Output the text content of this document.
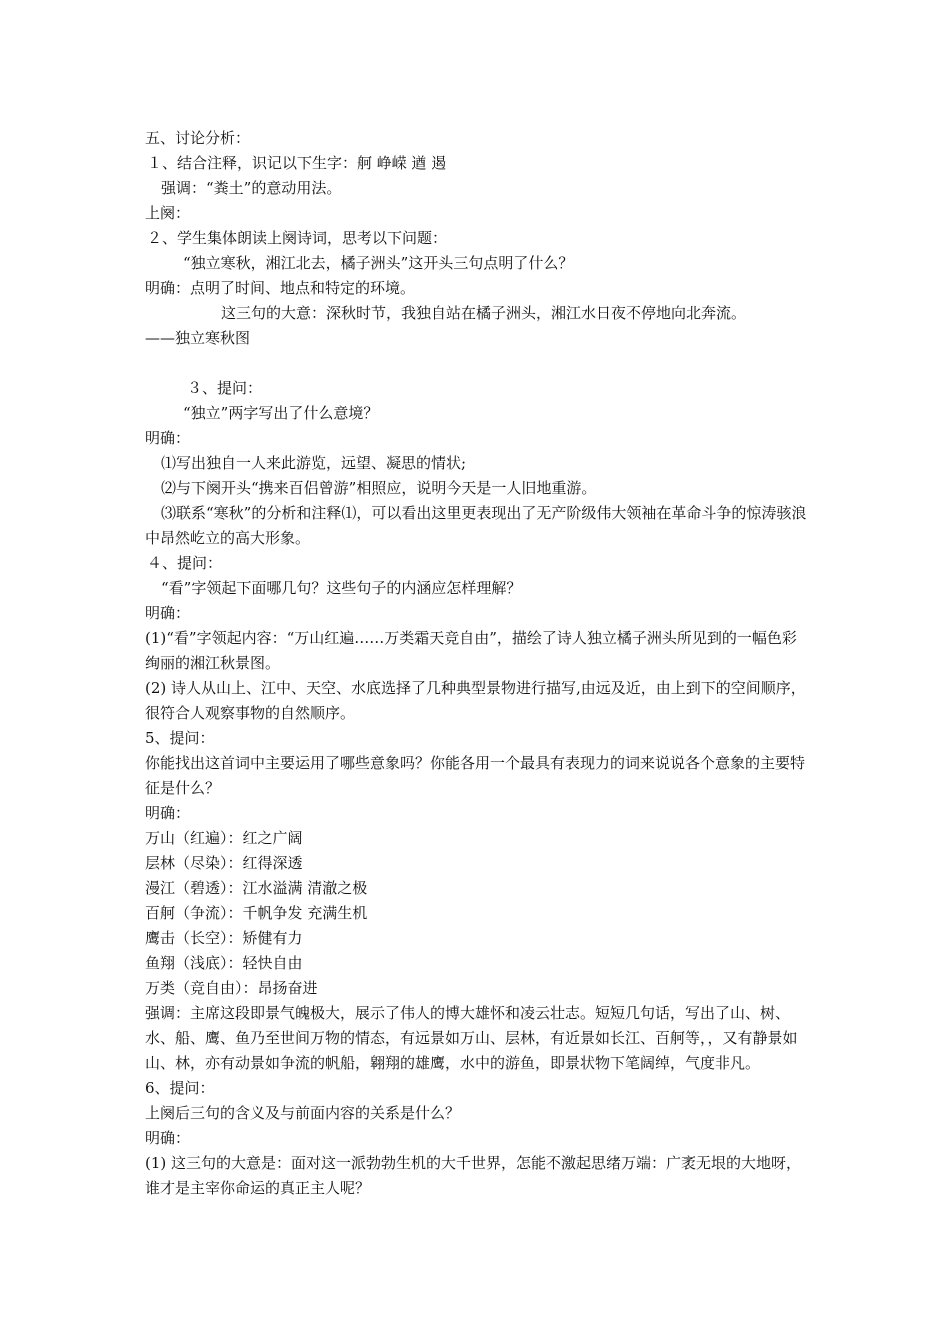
五、讨论分析：
１、结合注释，识记以下生字：舸 峥嵘 遒 遏
强调：“粪土”的意动用法。
上阕：
２、学生集体朗读上阕诗词，思考以下问题：
“独立寒秋，湘江北去，橘子洲头”这开头三句点明了什么？
明确：点明了时间、地点和特定的环境。
这三句的大意：深秋时节，我独自站在橘子洲头，湘江水日夜不停地向北奔流。
——独立寒秋图
３、提问：
“独立”两字写出了什么意境？
明确：
⑴写出独自一人来此游览，远望、凝思的情状;
⑵与下阕开头“携来百侣曾游”相照应，说明今天是一人旧地重游。
⑶联系“寒秋”的分析和注释⑴，可以看出这里更表现出了无产阶级伟大领袖在革命斗争的惊涛骇浪中昂然屹立的高大形象。
４、提问：
“看”字领起下面哪几句？这些句子的内涵应怎样理解？
明确：
(1)“看”字领起内容：“万山红遍……万类霜天竞自由”，描绘了诗人独立橘子洲头所见到的一幅色彩绚丽的湘江秋景图。
(2) 诗人从山上、江中、天空、水底选择了几种典型景物进行描写,由远及近，由上到下的空间顺序，很符合人观察事物的自然顺序。
5、提问：
你能找出这首词中主要运用了哪些意象吗？你能各用一个最具有表现力的词来说说各个意象的主要特征是什么？
明确：
万山（红遍）：红之广阔
层林（尽染）：红得深透
漫江（碧透）：江水溢满 清澈之极
百舸（争流）：千帆争发 充满生机
鹰击（长空）：矫健有力
鱼翔（浅底）：轻快自由
万类（竞自由）：昂扬奋进
强调：主席这段即景气魄极大，展示了伟人的博大雄怀和凌云壮志。短短几句话，写出了山、树、水、船、鹰、鱼乃至世间万物的情态，有远景如万山、层林，有近景如长江、百舸等，，又有静景如山、林，亦有动景如争流的帆船，翱翔的雄鹰，水中的游鱼，即景状物下笔阔绰，气度非凡。
6、提问：
上阕后三句的含义及与前面内容的关系是什么？
明确：
(1) 这三句的大意是：面对这一派勃勃生机的大千世界，怎能不激起思绪万端：广袤无垠的大地呀，谁才是主宰你命运的真正主人呢？
